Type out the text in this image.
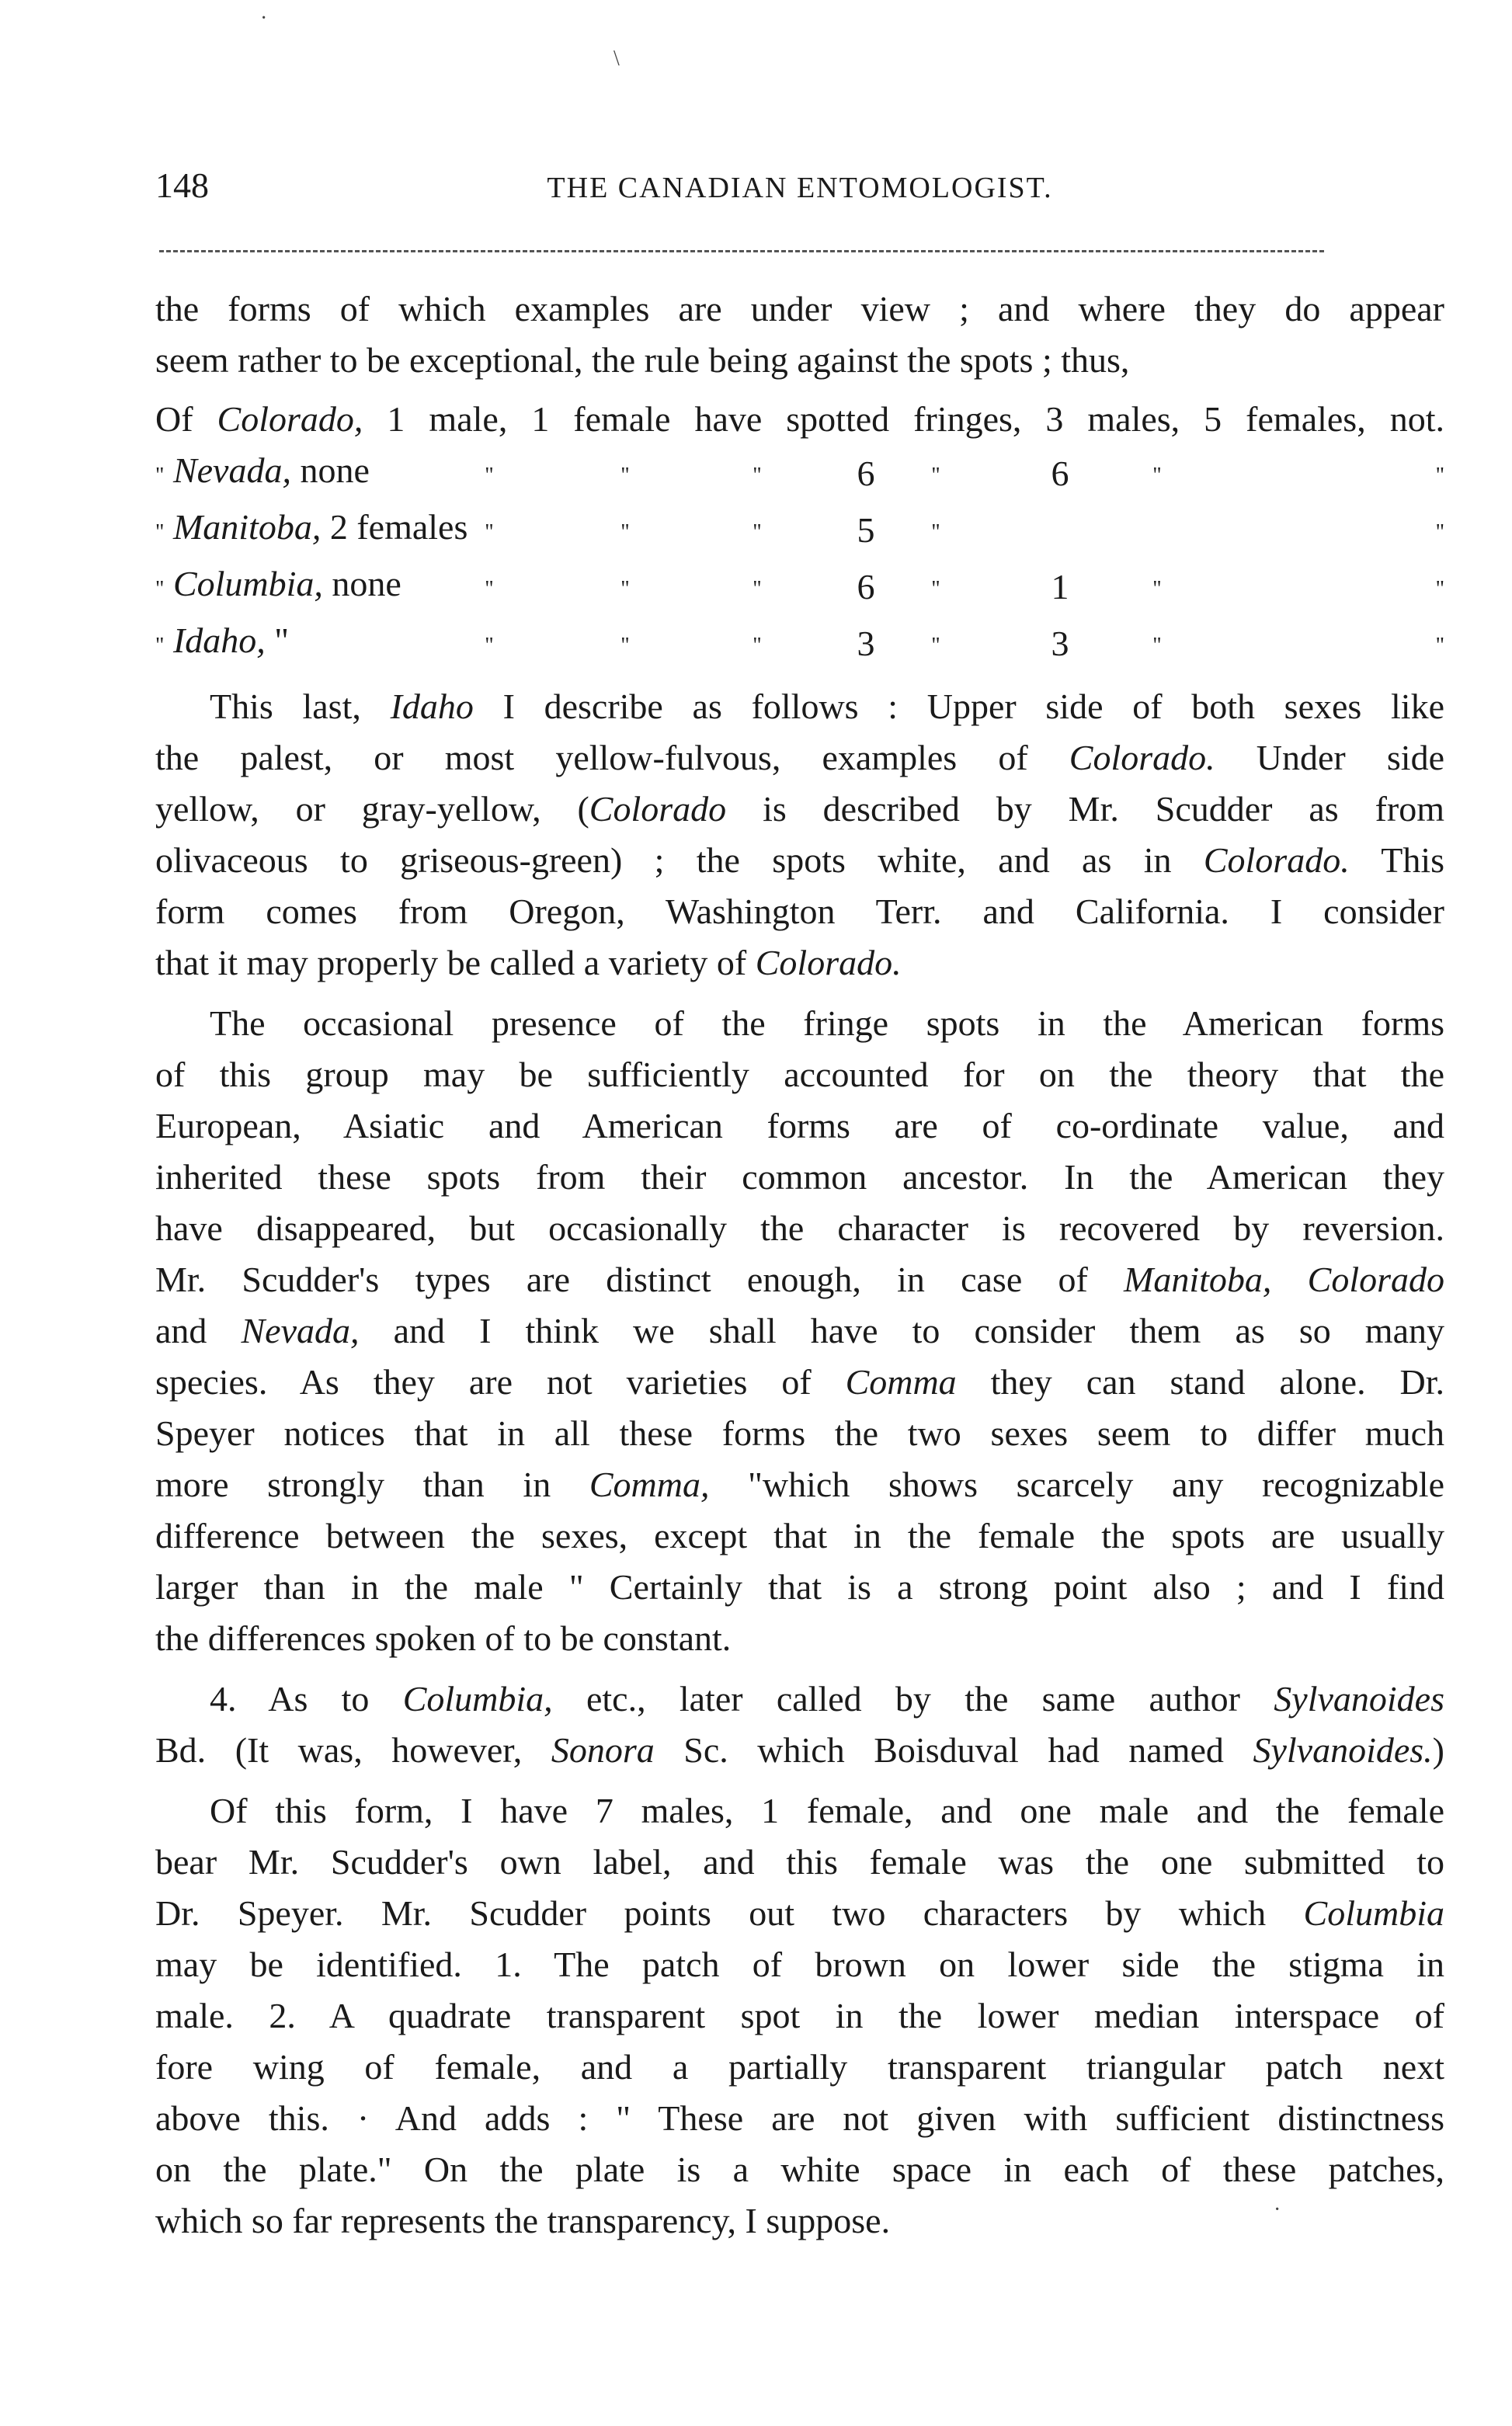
148	THE CANADIAN ENTOMOLOGIST.
the forms of which examples are under view ; and where they do appear
seem rather to be exceptional, the rule being against the spots ; thus,
Of Colorado, 1 male, 1 female have spotted fringes, 3 males, 5 females, not.
" Nevada, none	"	"	"	6	"		6	"	"
" Manitoba, 2 females	"	"	"	5	"				"
" Columbia, none	"	"	"	6	"		1	"	"
" Idaho, "	"	"	"	3	"		3	"	"
This last, Idaho I describe as follows : Upper side of both sexes like
the palest, or most yellow-fulvous, examples of Colorado. Under side
yellow, or gray-yellow, (Colorado is described by Mr. Scudder as from
olivaceous to griseous-green) ; the spots white, and as in Colorado. This
form comes from Oregon, Washington Terr. and California. I consider
that it may properly be called a variety of Colorado.
The occasional presence of the fringe spots in the American forms
of this group may be sufficiently accounted for on the theory that the
European, Asiatic and American forms are of co-ordinate value, and
inherited these spots from their common ancestor. In the American they
have disappeared, but occasionally the character is recovered by reversion.
Mr. Scudder's types are distinct enough, in case of Manitoba, Colorado
and Nevada, and I think we shall have to consider them as so many
species. As they are not varieties of Comma they can stand alone. Dr.
Speyer notices that in all these forms the two sexes seem to differ much
more strongly than in Comma, "which shows scarcely any recognizable
difference between the sexes, except that in the female the spots are usually
larger than in the male " Certainly that is a strong point also ; and I find
the differences spoken of to be constant.
4. As to Columbia, etc., later called by the same author Sylvanoides
Bd. (It was, however, Sonora Sc. which Boisduval had named Sylvanoides.)
Of this form, I have 7 males, 1 female, and one male and the female
bear Mr. Scudder's own label, and this female was the one submitted to
Dr. Speyer. Mr. Scudder points out two characters by which Columbia
may be identified. 1. The patch of brown on lower side the stigma in
male. 2. A quadrate transparent spot in the lower median interspace of
fore wing of female, and a partially transparent triangular patch next
above this. · And adds : " These are not given with sufficient distinctness
on the plate." On the plate is a white space in each of these patches,
which so far represents the transparency, I suppose.
·
\
·
